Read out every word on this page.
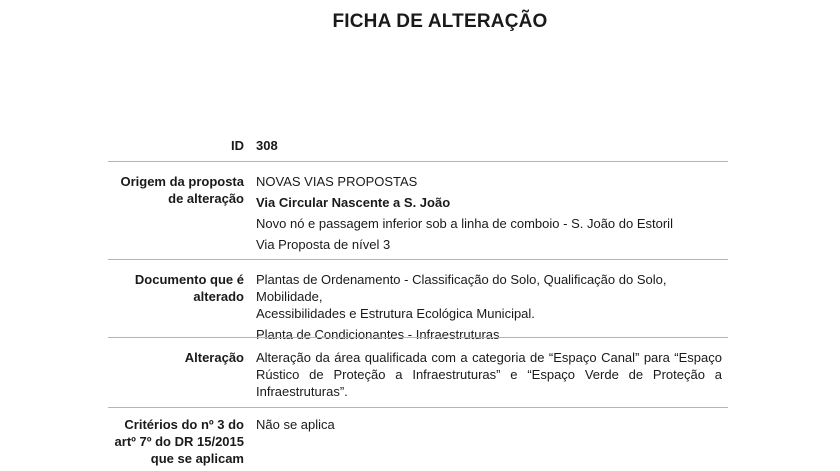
FICHA DE ALTERAÇÃO
ID 308

Origem da proposta
de alteração

NOVAS VIAS PROPOSTAS

Via Circular Nascente a S. João

Novo nó e passagem inferior sob a linha de comboio - S. João do Estoril

Via Proposta de nível 3

Documento que é
alterado
Plantas de Ordenamento - Classificação do Solo, Qualificação do Solo, Mobilidade,

Acessibilidades e Estrutura Ecológica Municipal.

Planta de Condicionantes - Infraestruturas

Alteração Alteração da área qualificada com a categoria de “Espaço Canal” para “Espaço Rústico de Proteção a Infraestruturas” e “Espaço Verde de Proteção a Infraestruturas”.

Critérios do nº 3 do
artº 7º do DR 15/2015
que se aplicam

Não se aplica
